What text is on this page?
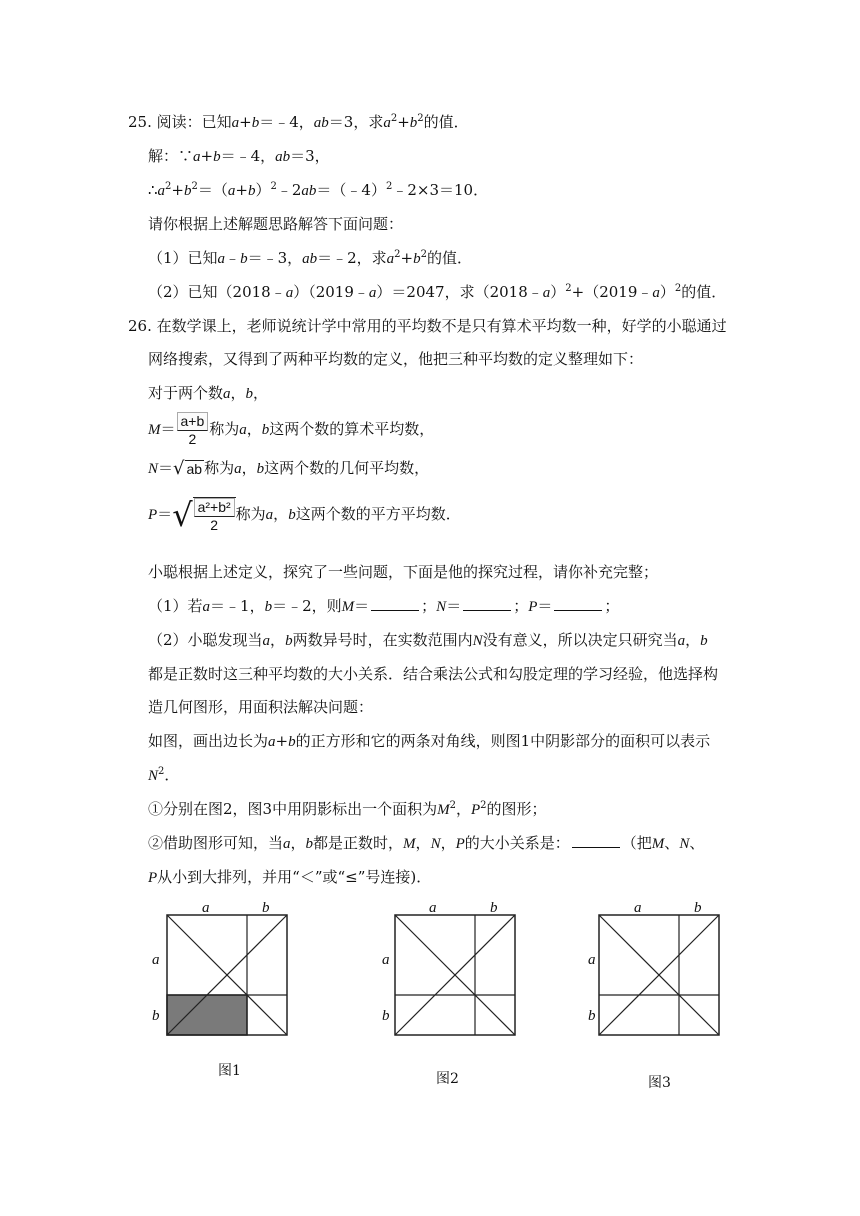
25. 阅读：已知a+b＝﹣4，ab＝3，求$a^2+b^2$的值．
解：∵a+b＝﹣4，ab＝3，
$\therefore a^2+b^2=(a+b)^2﹣2ab=(﹣4)^2﹣2\times 3=10$．
请你根据上述解题思路解答下面问题：
（1）已知a﹣b＝﹣3，ab＝﹣2，求$a^2+b^2$的值．
（2）已知（2018﹣a）（2019﹣a）＝2047，求（2018﹣a）$^2$+（2019﹣a）$^2$的值．
26. 在数学课上，老师说统计学中常用的平均数不是只有算术平均数一种，好学的小聪通过
网络搜索，又得到了两种平均数的定义，他把三种平均数的定义整理如下：
对于两个数a，b，
$M= \frac{a+b}{2}$ 称为a，b这两个数的算术平均数，
N＝√ ab 称为a，b这两个数的几何平均数，
$P=√ \frac{\text{a²+b²}}{2}$ 称为a，b这两个数的平方平均数．
小聪根据上述定义，探究了一些问题，下面是他的探究过程，请你补充完整；
（1）若a＝﹣1，b＝﹣2，则M＝	；N＝	；P＝	；
（2）小聪发现当a，b两数异号时，在实数范围内N没有意义，所以决定只研究当a，b
都是正数时这三种平均数的大小关系．结合乘法公式和勾股定理的学习经验，他选择构
造几何图形，用面积法解决问题：
如图，画出边长为a+b的正方形和它的两条对角线，则图1中阴影部分的面积可以表示
$N^2$．
①分别在图2，图3中用阴影标出一个面积为$M^2$，$P^2$的图形；
②借助图形可知，当a，b都是正数时，M，N，P的大小关系是：	（把M、N、
P从小到大排列，并用“＜”或“≤”号连接)．
a	b
a
b
图1
a	b
a
b
图2
a	b
a
b
图3
